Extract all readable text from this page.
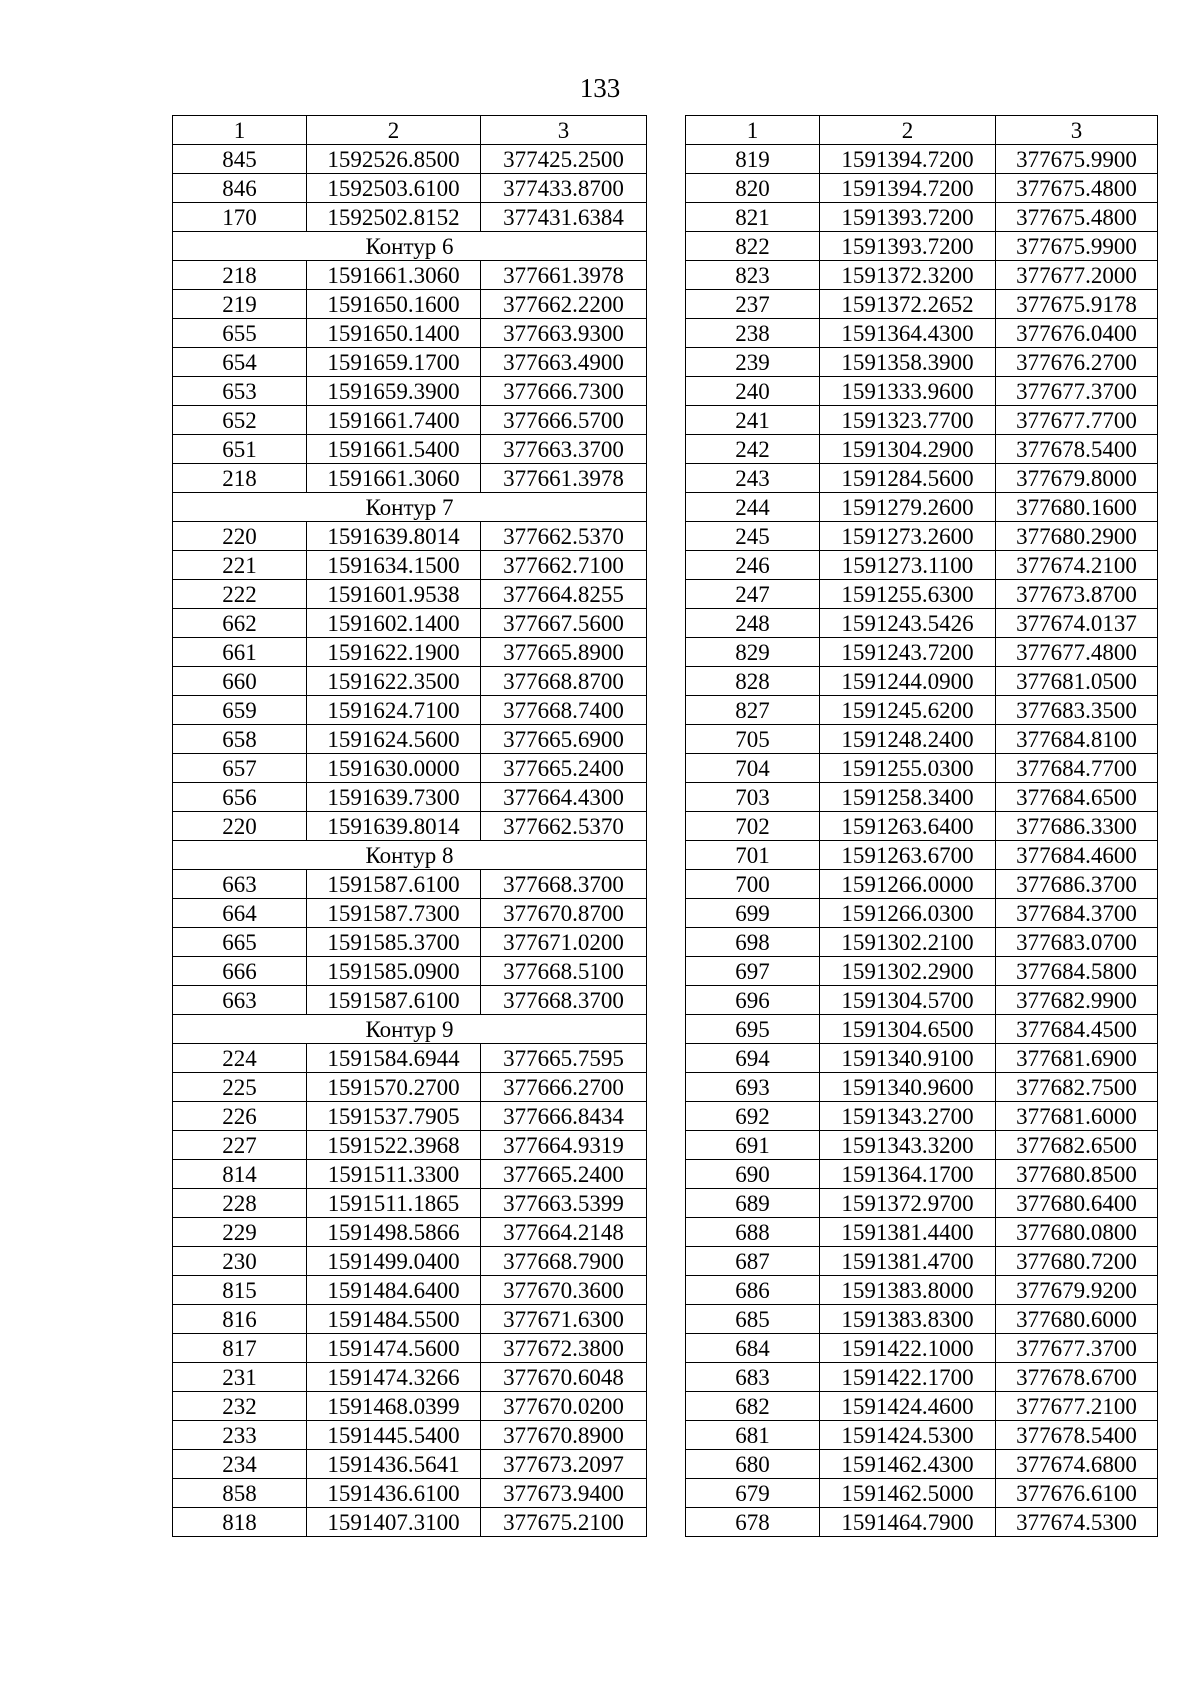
133
1	2	3
845	1592526.8500	377425.2500
846	1592503.6100	377433.8700
170	1592502.8152	377431.6384
Контур 6		
218	1591661.3060	377661.3978
219	1591650.1600	377662.2200
655	1591650.1400	377663.9300
654	1591659.1700	377663.4900
653	1591659.3900	377666.7300
652	1591661.7400	377666.5700
651	1591661.5400	377663.3700
218	1591661.3060	377661.3978
Контур 7		
220	1591639.8014	377662.5370
221	1591634.1500	377662.7100
222	1591601.9538	377664.8255
662	1591602.1400	377667.5600
661	1591622.1900	377665.8900
660	1591622.3500	377668.8700
659	1591624.7100	377668.7400
658	1591624.5600	377665.6900
657	1591630.0000	377665.2400
656	1591639.7300	377664.4300
220	1591639.8014	377662.5370
Контур 8		
663	1591587.6100	377668.3700
664	1591587.7300	377670.8700
665	1591585.3700	377671.0200
666	1591585.0900	377668.5100
663	1591587.6100	377668.3700
Контур 9		
224	1591584.6944	377665.7595
225	1591570.2700	377666.2700
226	1591537.7905	377666.8434
227	1591522.3968	377664.9319
814	1591511.3300	377665.2400
228	1591511.1865	377663.5399
229	1591498.5866	377664.2148
230	1591499.0400	377668.7900
815	1591484.6400	377670.3600
816	1591484.5500	377671.6300
817	1591474.5600	377672.3800
231	1591474.3266	377670.6048
232	1591468.0399	377670.0200
233	1591445.5400	377670.8900
234	1591436.5641	377673.2097
858	1591436.6100	377673.9400
818	1591407.3100	377675.2100
1	2	3
819	1591394.7200	377675.9900
820	1591394.7200	377675.4800
821	1591393.7200	377675.4800
822	1591393.7200	377675.9900
823	1591372.3200	377677.2000
237	1591372.2652	377675.9178
238	1591364.4300	377676.0400
239	1591358.3900	377676.2700
240	1591333.9600	377677.3700
241	1591323.7700	377677.7700
242	1591304.2900	377678.5400
243	1591284.5600	377679.8000
244	1591279.2600	377680.1600
245	1591273.2600	377680.2900
246	1591273.1100	377674.2100
247	1591255.6300	377673.8700
248	1591243.5426	377674.0137
829	1591243.7200	377677.4800
828	1591244.0900	377681.0500
827	1591245.6200	377683.3500
705	1591248.2400	377684.8100
704	1591255.0300	377684.7700
703	1591258.3400	377684.6500
702	1591263.6400	377686.3300
701	1591263.6700	377684.4600
700	1591266.0000	377686.3700
699	1591266.0300	377684.3700
698	1591302.2100	377683.0700
697	1591302.2900	377684.5800
696	1591304.5700	377682.9900
695	1591304.6500	377684.4500
694	1591340.9100	377681.6900
693	1591340.9600	377682.7500
692	1591343.2700	377681.6000
691	1591343.3200	377682.6500
690	1591364.1700	377680.8500
689	1591372.9700	377680.6400
688	1591381.4400	377680.0800
687	1591381.4700	377680.7200
686	1591383.8000	377679.9200
685	1591383.8300	377680.6000
684	1591422.1000	377677.3700
683	1591422.1700	377678.6700
682	1591424.4600	377677.2100
681	1591424.5300	377678.5400
680	1591462.4300	377674.6800
679	1591462.5000	377676.6100
678	1591464.7900	377674.5300
